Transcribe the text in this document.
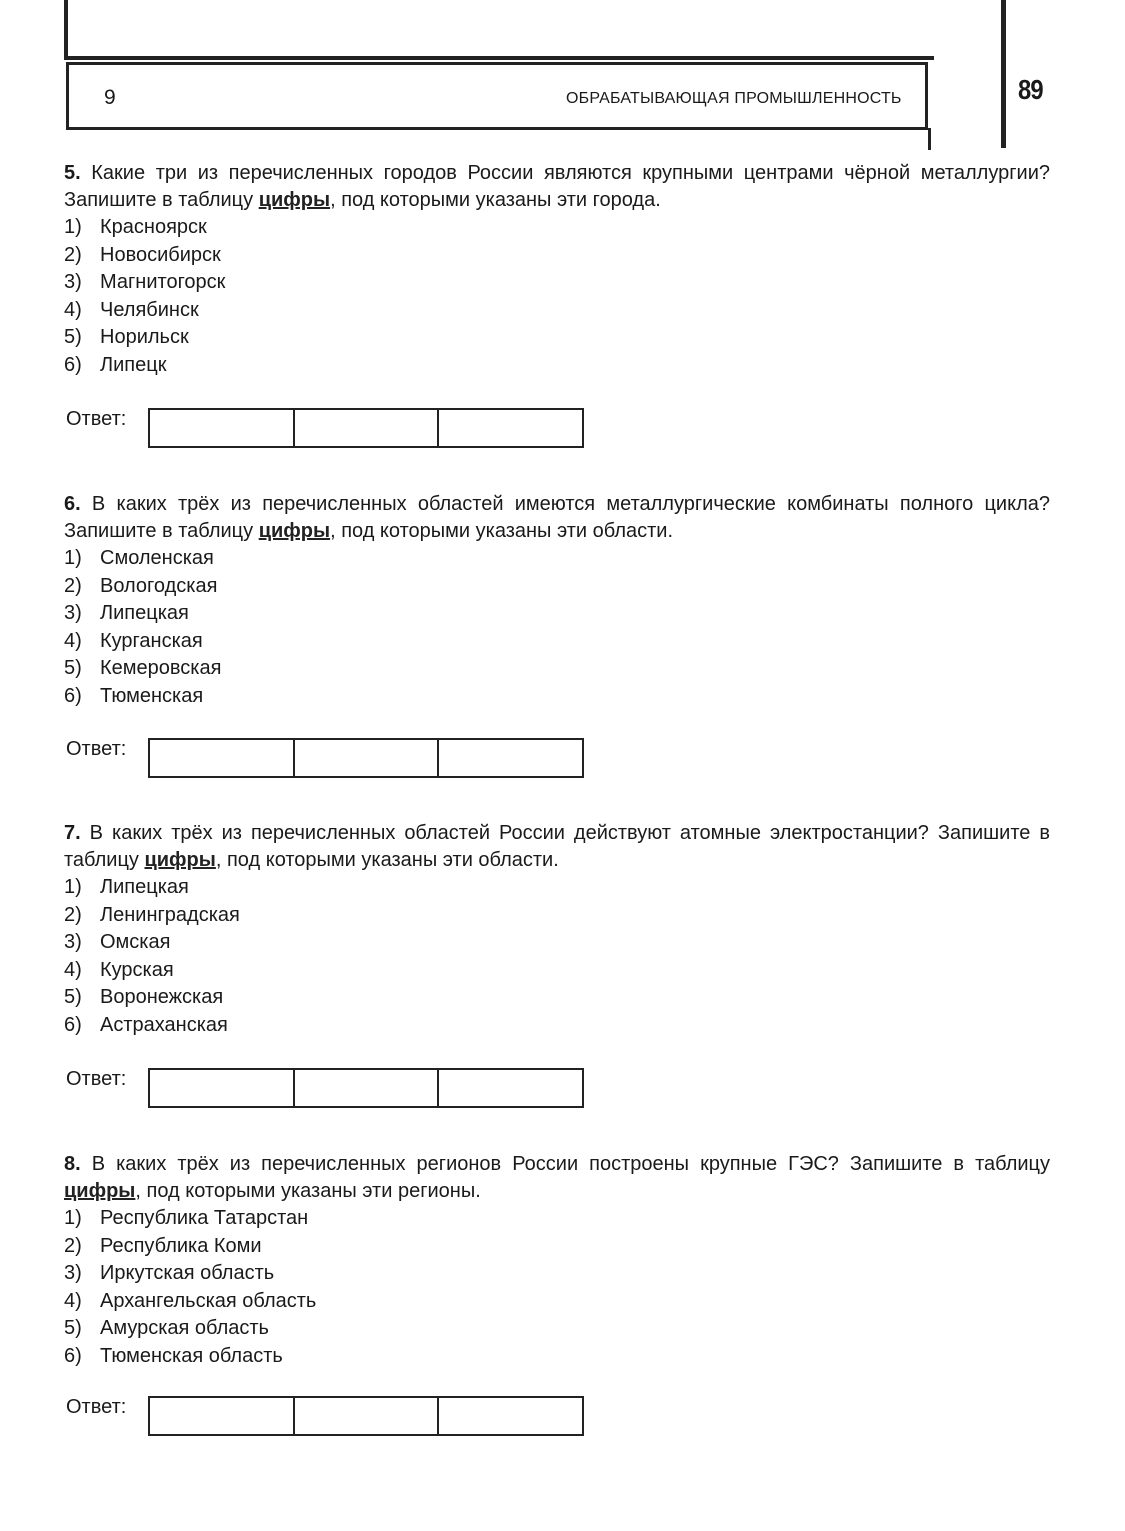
9	ОБРАБАТЫВАЮЩАЯ ПРОМЫШЛЕННОСТЬ	89

5. Какие три из перечисленных городов России являются крупными центрами чёрной металлургии? Запишите в таблицу цифры, под которыми указаны эти города.

1) Красноярск
2) Новосибирск
3) Магнитогорск
4) Челябинск
5) Норильск
6) Липецк
Ответ:

6. В каких трёх из перечисленных областей имеются металлургические комбинаты полного цикла? Запишите в таблицу цифры, под которыми указаны эти области.

1) Смоленская
2) Вологодская
3) Липецкая
4) Курганская
5) Кемеровская
6) Тюменская
Ответ:

7. В каких трёх из перечисленных областей России действуют атомные электростанции? Запишите в таблицу цифры, под которыми указаны эти области.

1) Липецкая
2) Ленинградская
3) Омская
4) Курская
5) Воронежская
6) Астраханская
Ответ:

8. В каких трёх из перечисленных регионов России построены крупные ГЭС? Запишите в таблицу цифры, под которыми указаны эти регионы.

1) Республика Татарстан
2) Республика Коми
3) Иркутская область
4) Архангельская область
5) Амурская область
6) Тюменская область
Ответ:
